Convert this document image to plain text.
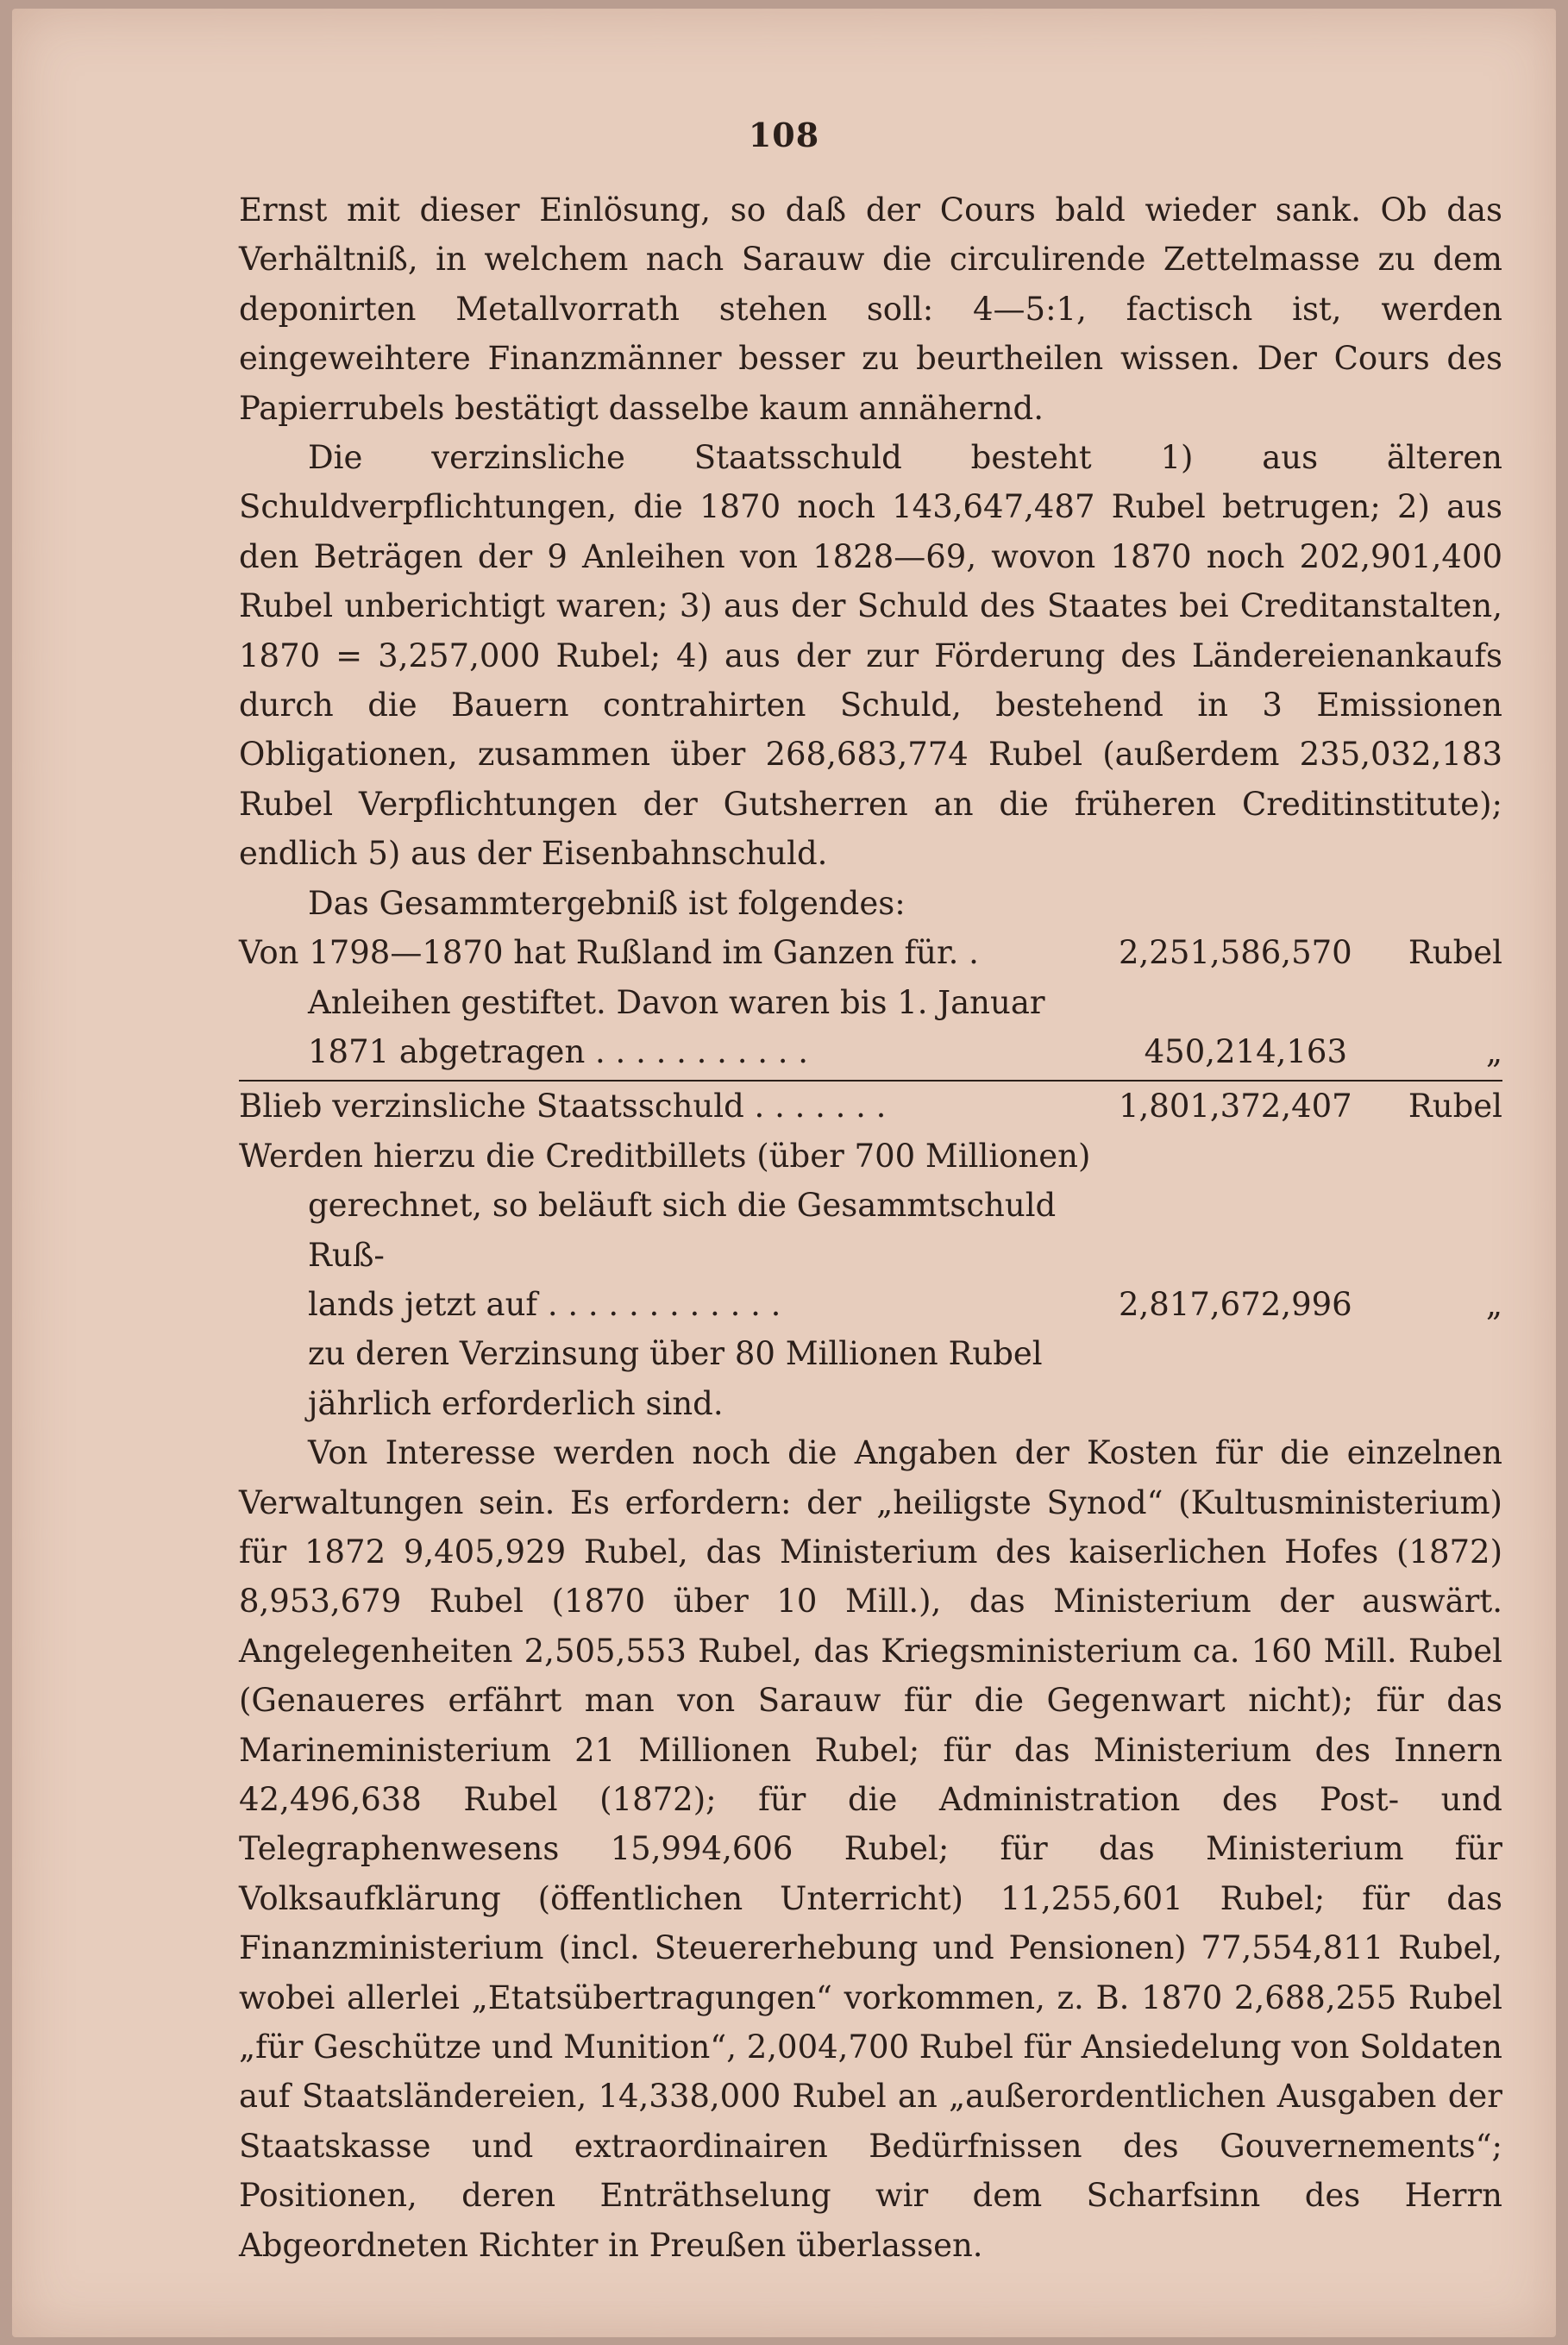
108

Ernst mit dieser Einlösung, so daß der Cours bald wieder sank. Ob das Verhältniß, in welchem nach Sarauw die circulirende Zettelmasse zu dem deponirten Metallvorrath stehen soll: 4—5:1, factisch ist, werden eingeweihtere Finanzmänner besser zu beurtheilen wissen. Der Cours des Papierrubels bestätigt dasselbe kaum annähernd.

Die verzinsliche Staatsschuld besteht 1) aus älteren Schuldverpflichtungen, die 1870 noch 143,647,487 Rubel betrugen; 2) aus den Beträgen der 9 Anleihen von 1828—69, wovon 1870 noch 202,901,400 Rubel unberichtigt waren; 3) aus der Schuld des Staates bei Creditanstalten, 1870 = 3,257,000 Rubel; 4) aus der zur Förderung des Ländereienankaufs durch die Bauern contrahirten Schuld, bestehend in 3 Emissionen Obligationen, zusammen über 268,683,774 Rubel (außerdem 235,032,183 Rubel Verpflichtungen der Gutsherren an die früheren Creditinstitute); endlich 5) aus der Eisenbahnschuld.

Das Gesammtergebniß ist folgendes:

Von 1798—1870 hat Rußland im Ganzen für. .	2,251,586,570	Rubel
Anleihen gestiftet. Davon waren bis 1. Januar
1871 abgetragen . . . . . . . . . . .	450,214,163	„
Blieb verzinsliche Staatsschuld . . . . . . .	1,801,372,407	Rubel
Werden hierzu die Creditbillets (über 700 Millionen)
gerechnet, so beläuft sich die Gesammtschuld Ruß-
lands jetzt auf . . . . . . . . . . . .	2,817,672,996	„
zu deren Verzinsung über 80 Millionen Rubel
jährlich erforderlich sind.

Von Interesse werden noch die Angaben der Kosten für die einzelnen Verwaltungen sein. Es erfordern: der „heiligste Synod“ (Kultusministerium) für 1872 9,405,929 Rubel, das Ministerium des kaiserlichen Hofes (1872) 8,953,679 Rubel (1870 über 10 Mill.), das Ministerium der auswärt. Angelegenheiten 2,505,553 Rubel, das Kriegsministerium ca. 160 Mill. Rubel (Genaueres erfährt man von Sarauw für die Gegenwart nicht); für das Marineministerium 21 Millionen Rubel; für das Ministerium des Innern 42,496,638 Rubel (1872); für die Administration des Post- und Telegraphenwesens 15,994,606 Rubel; für das Ministerium für Volksaufklärung (öffentlichen Unterricht) 11,255,601 Rubel; für das Finanzministerium (incl. Steuererhebung und Pensionen) 77,554,811 Rubel, wobei allerlei „Etatsübertragungen“ vorkommen, z. B. 1870 2,688,255 Rubel „für Geschütze und Munition“, 2,004,700 Rubel für Ansiedelung von Soldaten auf Staatsländereien, 14,338,000 Rubel an „außerordentlichen Ausgaben der Staatskasse und extraordinairen Bedürfnissen des Gouvernements“; Positionen, deren Enträthselung wir dem Scharfsinn des Herrn Abgeordneten Richter in Preußen überlassen.
